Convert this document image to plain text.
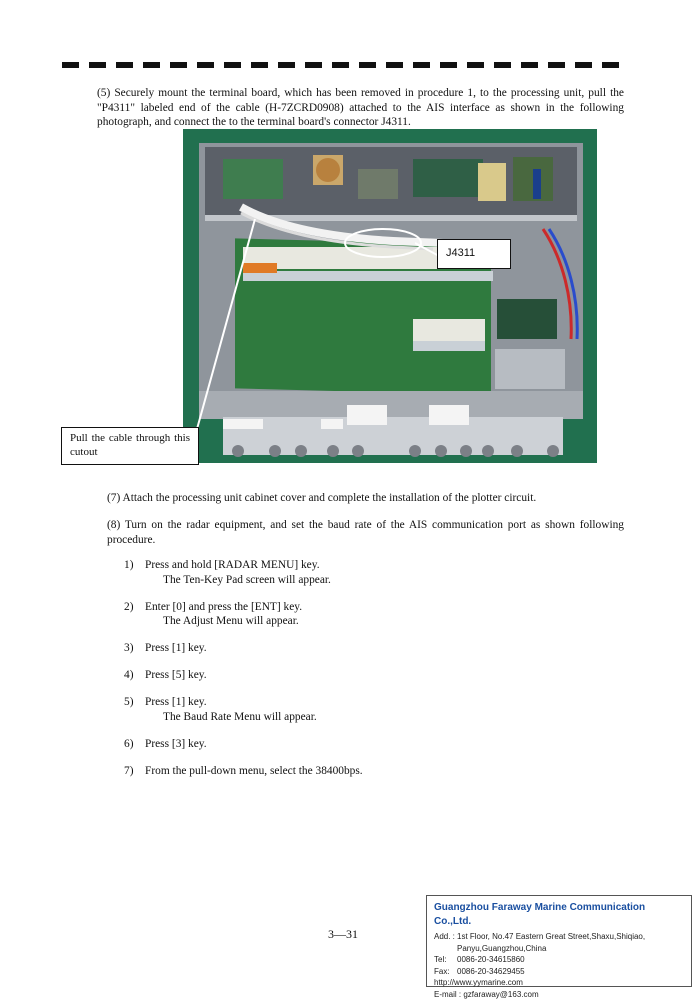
(5) Securely mount the terminal board, which has been removed in procedure 1, to the processing unit, pull the "P4311" labeled end of the cable (H-7ZCRD0908) attached to the AIS interface as shown in the following photograph, and connect the to the terminal board's connector J4311.

J4311
Pull the cable through this cutout

(7) Attach the processing unit cabinet cover and complete the installation of the plotter circuit.

(8) Turn on the radar equipment, and set the baud rate of the AIS communication port as shown following procedure.

1) Press and hold [RADAR MENU] key.
The Ten-Key Pad screen will appear.
2) Enter [0] and press the [ENT] key.
The Adjust Menu will appear.
3) Press [1] key.
4) Press [5] key.
5) Press [1] key.
The Baud Rate Menu will appear.
6) Press [3] key.
7) From the pull-down menu, select the 38400bps.
3—31
Guangzhou Faraway Marine Communication Co.,Ltd.
Add. : 1st Floor, No.47 Eastern Great Street,Shaxu,Shiqiao,
Panyu,Guangzhou,China
Tel:	0086-20-34615860
Fax: 0086-20-34629455
http://www.yymarine.com
E-mail : gzfaraway@163.com
